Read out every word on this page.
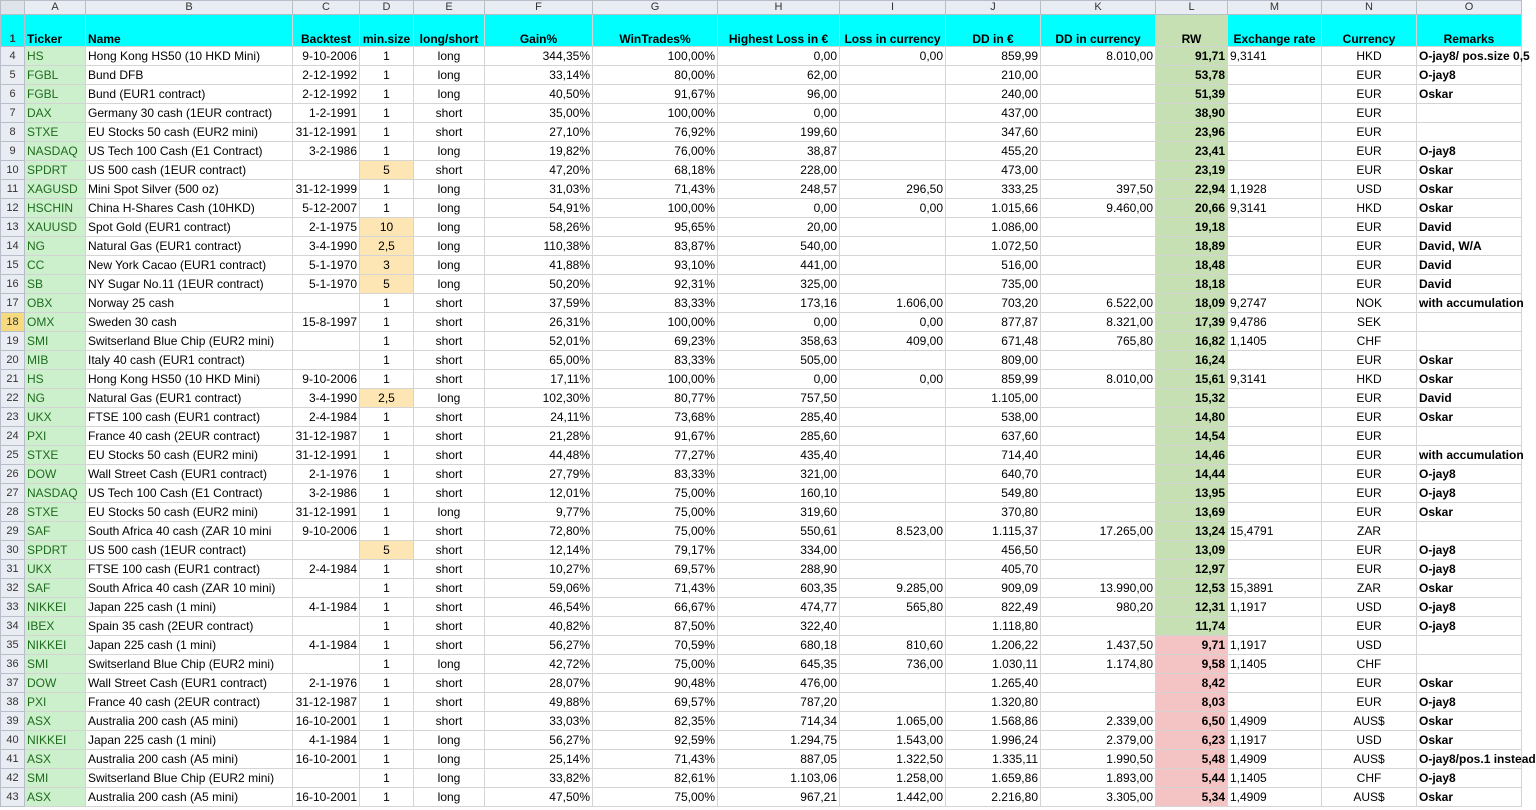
	A	B	C	D	E	F	G	H	I	J	K	L	M	N	O
1	Ticker	Name	Backtest	min.size	long/short	Gain%	WinTrades%	Highest Loss in €	Loss in currency	DD in €	DD in currency	RW	Exchange rate	Currency	Remarks
4	HS	Hong Kong HS50 (10 HKD Mini)	9-10-2006	1	long	344,35%	100,00%	0,00	0,00	859,99	8.010,00	91,71	9,3141	HKD	O-jay8/ pos.size 0,5
5	FGBL	Bund DFB	2-12-1992	1	long	33,14%	80,00%	62,00		210,00		53,78		EUR	O-jay8
6	FGBL	Bund (EUR1 contract)	2-12-1992	1	long	40,50%	91,67%	96,00		240,00		51,39		EUR	Oskar
7	DAX	Germany 30 cash (1EUR contract)	1-2-1991	1	short	35,00%	100,00%	0,00		437,00		38,90		EUR	
8	STXE	EU Stocks 50 cash (EUR2 mini)	31-12-1991	1	short	27,10%	76,92%	199,60		347,60		23,96		EUR	
9	NASDAQ	US Tech 100 Cash (E1 Contract)	3-2-1986	1	long	19,82%	76,00%	38,87		455,20		23,41		EUR	O-jay8
10	SPDRT	US 500 cash (1EUR contract)		5	short	47,20%	68,18%	228,00		473,00		23,19		EUR	Oskar
11	XAGUSD	Mini Spot Silver (500 oz)	31-12-1999	1	long	31,03%	71,43%	248,57	296,50	333,25	397,50	22,94	1,1928	USD	Oskar
12	HSCHIN	China H-Shares Cash (10HKD)	5-12-2007	1	long	54,91%	100,00%	0,00	0,00	1.015,66	9.460,00	20,66	9,3141	HKD	Oskar
13	XAUUSD	Spot Gold (EUR1 contract)	2-1-1975	10	long	58,26%	95,65%	20,00		1.086,00		19,18		EUR	David
14	NG	Natural Gas (EUR1 contract)	3-4-1990	2,5	long	110,38%	83,87%	540,00		1.072,50		18,89		EUR	David, W/A
15	CC	New York Cacao (EUR1 contract)	5-1-1970	3	long	41,88%	93,10%	441,00		516,00		18,48		EUR	David
16	SB	NY Sugar No.11 (1EUR contract)	5-1-1970	5	long	50,20%	92,31%	325,00		735,00		18,18		EUR	David
17	OBX	Norway 25 cash		1	short	37,59%	83,33%	173,16	1.606,00	703,20	6.522,00	18,09	9,2747	NOK	with accumulation
18	OMX	Sweden 30 cash	15-8-1997	1	short	26,31%	100,00%	0,00	0,00	877,87	8.321,00	17,39	9,4786	SEK	
19	SMI	Switserland Blue Chip (EUR2 mini)		1	short	52,01%	69,23%	358,63	409,00	671,48	765,80	16,82	1,1405	CHF	
20	MIB	Italy 40 cash (EUR1 contract)		1	short	65,00%	83,33%	505,00		809,00		16,24		EUR	Oskar
21	HS	Hong Kong HS50 (10 HKD Mini)	9-10-2006	1	short	17,11%	100,00%	0,00	0,00	859,99	8.010,00	15,61	9,3141	HKD	Oskar
22	NG	Natural Gas (EUR1 contract)	3-4-1990	2,5	long	102,30%	80,77%	757,50		1.105,00		15,32		EUR	David
23	UKX	FTSE 100 cash (EUR1 contract)	2-4-1984	1	short	24,11%	73,68%	285,40		538,00		14,80		EUR	Oskar
24	PXI	France 40 cash (2EUR contract)	31-12-1987	1	short	21,28%	91,67%	285,60		637,60		14,54		EUR	
25	STXE	EU Stocks 50 cash (EUR2 mini)	31-12-1991	1	short	44,48%	77,27%	435,40		714,40		14,46		EUR	with accumulation
26	DOW	Wall Street Cash (EUR1 contract)	2-1-1976	1	short	27,79%	83,33%	321,00		640,70		14,44		EUR	O-jay8
27	NASDAQ	US Tech 100 Cash (E1 Contract)	3-2-1986	1	short	12,01%	75,00%	160,10		549,80		13,95		EUR	O-jay8
28	STXE	EU Stocks 50 cash (EUR2 mini)	31-12-1991	1	long	9,77%	75,00%	319,60		370,80		13,69		EUR	Oskar
29	SAF	South Africa 40 cash (ZAR 10 mini	9-10-2006	1	short	72,80%	75,00%	550,61	8.523,00	1.115,37	17.265,00	13,24	15,4791	ZAR	
30	SPDRT	US 500 cash (1EUR contract)		5	short	12,14%	79,17%	334,00		456,50		13,09		EUR	O-jay8
31	UKX	FTSE 100 cash (EUR1 contract)	2-4-1984	1	short	10,27%	69,57%	288,90		405,70		12,97		EUR	O-jay8
32	SAF	South Africa 40 cash (ZAR 10 mini)		1	short	59,06%	71,43%	603,35	9.285,00	909,09	13.990,00	12,53	15,3891	ZAR	Oskar
33	NIKKEI	Japan 225 cash (1 mini)	4-1-1984	1	short	46,54%	66,67%	474,77	565,80	822,49	980,20	12,31	1,1917	USD	O-jay8
34	IBEX	Spain 35 cash (2EUR contract)		1	short	40,82%	87,50%	322,40		1.118,80		11,74		EUR	O-jay8
35	NIKKEI	Japan 225 cash (1 mini)	4-1-1984	1	short	56,27%	70,59%	680,18	810,60	1.206,22	1.437,50	9,71	1,1917	USD	
36	SMI	Switserland Blue Chip (EUR2 mini)		1	long	42,72%	75,00%	645,35	736,00	1.030,11	1.174,80	9,58	1,1405	CHF	
37	DOW	Wall Street Cash (EUR1 contract)	2-1-1976	1	short	28,07%	90,48%	476,00		1.265,40		8,42		EUR	Oskar
38	PXI	France 40 cash (2EUR contract)	31-12-1987	1	short	49,88%	69,57%	787,20		1.320,80		8,03		EUR	O-jay8
39	ASX	Australia 200 cash (A5 mini)	16-10-2001	1	short	33,03%	82,35%	714,34	1.065,00	1.568,86	2.339,00	6,50	1,4909	AUS$	Oskar
40	NIKKEI	Japan 225 cash (1 mini)	4-1-1984	1	long	56,27%	92,59%	1.294,75	1.543,00	1.996,24	2.379,00	6,23	1,1917	USD	Oskar
41	ASX	Australia 200 cash (A5 mini)	16-10-2001	1	long	25,14%	71,43%	887,05	1.322,50	1.335,11	1.990,50	5,48	1,4909	AUS$	O-jay8/pos.1 instead
42	SMI	Switserland Blue Chip (EUR2 mini)		1	long	33,82%	82,61%	1.103,06	1.258,00	1.659,86	1.893,00	5,44	1,1405	CHF	O-jay8
43	ASX	Australia 200 cash (A5 mini)	16-10-2001	1	long	47,50%	75,00%	967,21	1.442,00	2.216,80	3.305,00	5,34	1,4909	AUS$	Oskar
